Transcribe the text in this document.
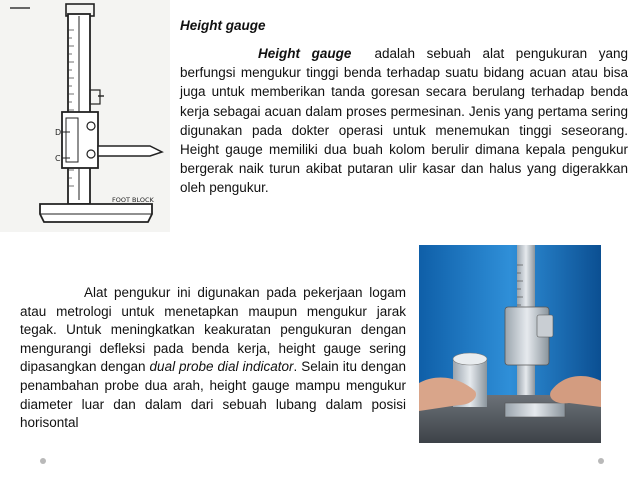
D
C
FOOT BLOCK
Height gauge
Height gauge adalah sebuah alat pengukuran yang berfungsi mengukur tinggi benda terhadap suatu bidang acuan atau bisa juga untuk memberikan tanda goresan secara berulang terhadap benda kerja sebagai acuan dalam proses permesinan. Jenis yang pertama sering digunakan pada dokter operasi untuk menemukan tinggi seseorang. Height gauge memiliki dua buah kolom berulir dimana kepala pengukur bergerak naik turun akibat putaran ulir kasar dan halus yang digerakkan oleh pengukur.
Alat pengukur ini digunakan pada pekerjaan logam atau metrologi untuk menetapkan maupun mengukur jarak tegak. Untuk meningkatkan keakuratan pengukuran dengan mengurangi defleksi pada benda kerja, height gauge sering dipasangkan dengan dual probe dial indicator. Selain itu dengan penambahan probe dua arah, height gauge mampu mengukur diameter luar dan dalam dari sebuah lubang dalam posisi horisontal
